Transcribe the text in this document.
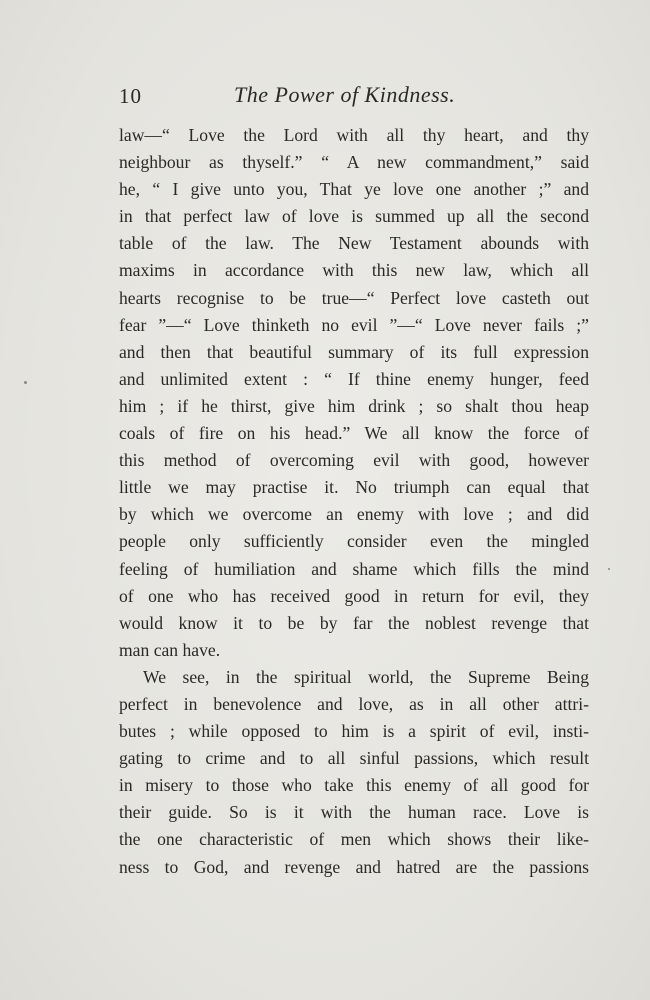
10	The Power of Kindness.
law—“ Love the Lord with all thy heart, and thy
neighbour as thyself.” “ A new commandment,” said
he, “ I give unto you, That ye love one another ;” and
in that perfect law of love is summed up all the second
table of the law. The New Testament abounds with
maxims in accordance with this new law, which all
hearts recognise to be true—“ Perfect love casteth out
fear ”—“ Love thinketh no evil ”—“ Love never fails ;”
and then that beautiful summary of its full expression
and unlimited extent : “ If thine enemy hunger, feed
him ; if he thirst, give him drink ; so shalt thou heap
coals of fire on his head.” We all know the force of
this method of overcoming evil with good, however
little we may practise it. No triumph can equal that
by which we overcome an enemy with love ; and did
people only sufficiently consider even the mingled
feeling of humiliation and shame which fills the mind
of one who has received good in return for evil, they
would know it to be by far the noblest revenge that
man can have.
We see, in the spiritual world, the Supreme Being
perfect in benevolence and love, as in all other attri-
butes ; while opposed to him is a spirit of evil, insti-
gating to crime and to all sinful passions, which result
in misery to those who take this enemy of all good for
their guide. So is it with the human race. Love is
the one characteristic of men which shows their like-
ness to God, and revenge and hatred are the passions
